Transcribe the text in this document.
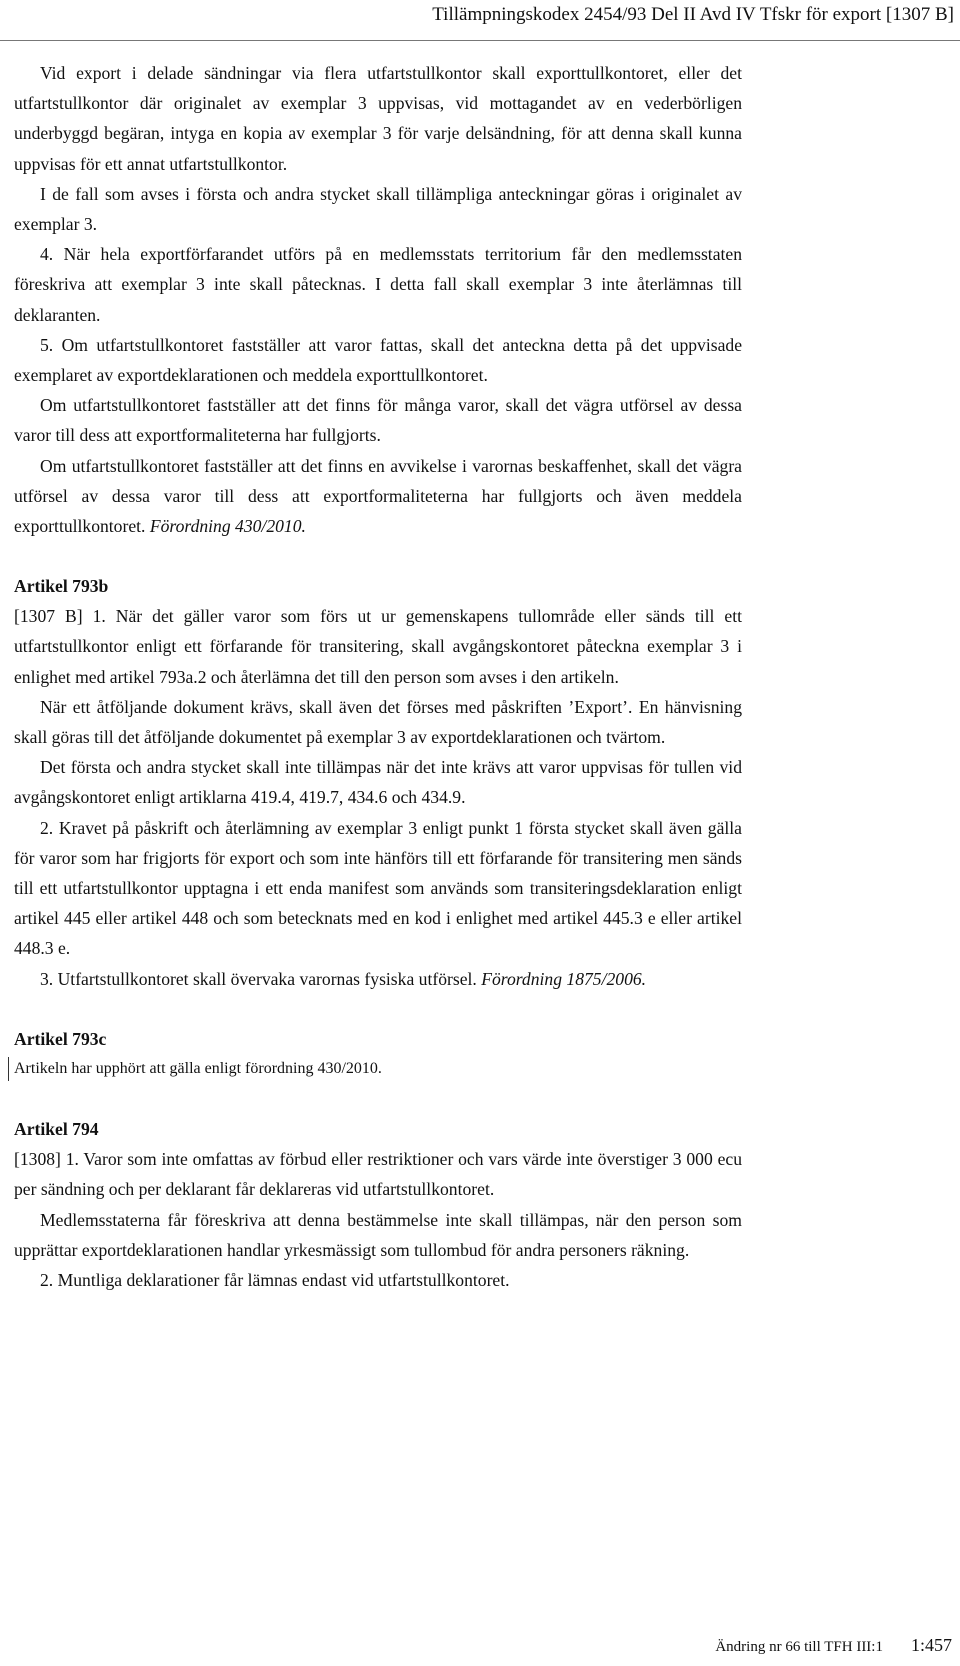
Tillämpningskodex 2454/93 Del II Avd IV Tfskr för export [1307 B]

Vid export i delade sändningar via flera utfartstullkontor skall exporttullkontoret, eller det utfartstullkontor där originalet av exemplar 3 uppvisas, vid mottagandet av en vederbörligen underbyggd begäran, intyga en kopia av exemplar 3 för varje delsändning, för att denna skall kunna uppvisas för ett annat utfartstullkontor.

I de fall som avses i första och andra stycket skall tillämpliga anteckningar göras i originalet av exemplar 3.

4. När hela exportförfarandet utförs på en medlemsstats territorium får den medlemsstaten föreskriva att exemplar 3 inte skall påtecknas. I detta fall skall exemplar 3 inte återlämnas till deklaranten.

5. Om utfartstullkontoret fastställer att varor fattas, skall det anteckna detta på det uppvisade exemplaret av exportdeklarationen och meddela exporttullkontoret.

Om utfartstullkontoret fastställer att det finns för många varor, skall det vägra utförsel av dessa varor till dess att exportformaliteterna har fullgjorts.

Om utfartstullkontoret fastställer att det finns en avvikelse i varornas beskaffenhet, skall det vägra utförsel av dessa varor till dess att exportformaliteterna har fullgjorts och även meddela exporttullkontoret. Förordning 430/2010.

Artikel 793b

[1307 B] 1. När det gäller varor som förs ut ur gemenskapens tullområde eller sänds till ett utfartstullkontor enligt ett förfarande för transitering, skall avgångskontoret påteckna exemplar 3 i enlighet med artikel 793a.2 och återlämna det till den person som avses i den artikeln.

När ett åtföljande dokument krävs, skall även det förses med påskriften ’Export’. En hänvisning skall göras till det åtföljande dokumentet på exemplar 3 av exportdeklarationen och tvärtom.

Det första och andra stycket skall inte tillämpas när det inte krävs att varor uppvisas för tullen vid avgångskontoret enligt artiklarna 419.4, 419.7, 434.6 och 434.9.

2. Kravet på påskrift och återlämning av exemplar 3 enligt punkt 1 första stycket skall även gälla för varor som har frigjorts för export och som inte hänförs till ett förfarande för transitering men sänds till ett utfartstullkontor upptagna i ett enda manifest som används som transiteringsdeklaration enligt artikel 445 eller artikel 448 och som betecknats med en kod i enlighet med artikel 445.3 e eller artikel 448.3 e.

3. Utfartstullkontoret skall övervaka varornas fysiska utförsel. Förordning 1875/2006.

Artikel 793c

Artikeln har upphört att gälla enligt förordning 430/2010.

Artikel 794

[1308] 1. Varor som inte omfattas av förbud eller restriktioner och vars värde inte överstiger 3 000 ecu per sändning och per deklarant får deklareras vid utfartstullkontoret.

Medlemsstaterna får föreskriva att denna bestämmelse inte skall tillämpas, när den person som upprättar exportdeklarationen handlar yrkesmässigt som tullombud för andra personers räkning.

2. Muntliga deklarationer får lämnas endast vid utfartstullkontoret.

Ändring nr 66 till TFH III:1 1:457
